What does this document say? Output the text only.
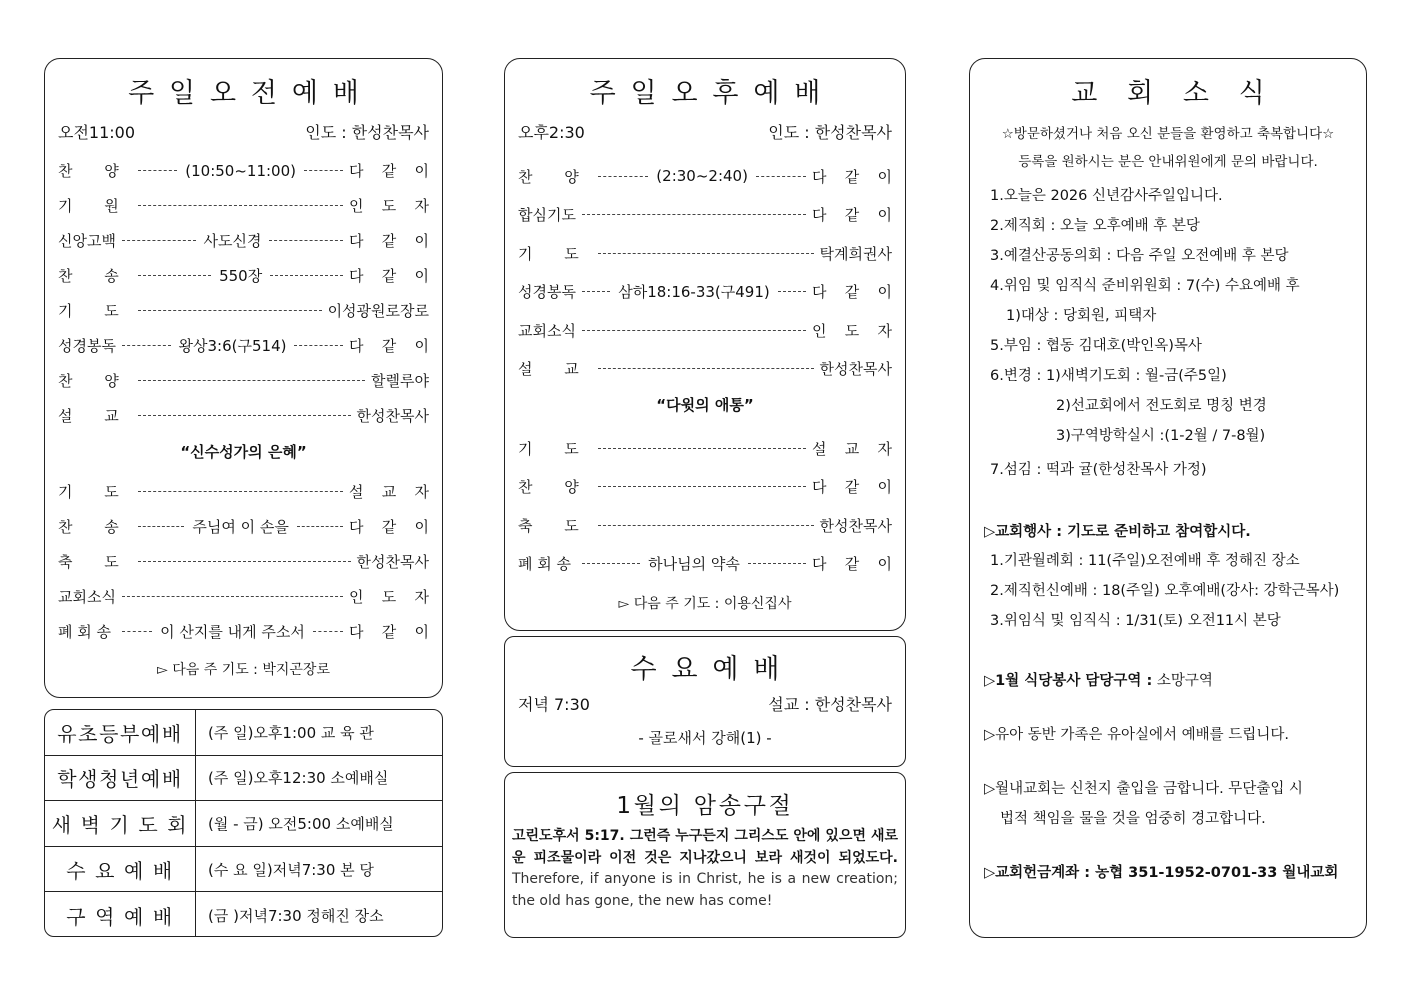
주일오전예배
오전11:00	인도 : 한성찬목사
찬 양	(10:50~11:00)	다 같 이
기 원	인 도 자
신앙고백	사도신경	다 같 이
찬 송	550장	다 같 이
기 도	이성광원로장로
성경봉독	왕상3:6(구514)	다 같 이
찬 양	할렐루야
설 교	한성찬목사
“신수성가의 은혜”
기 도	설 교 자
찬 송	주님여 이 손을	다 같 이
축 도	한성찬목사
교회소식	인 도 자
폐 회 송	이 산지를 내게 주소서	다 같 이
▻ 다음 주 기도 : 박지곤장로
유초등부예배	(주 일)오후1:00 교 육 관
학생청년예배	(주 일)오후12:30 소예배실
새 벽 기 도 회	(월 - 금) 오전5:00 소예배실
수 요 예 배	(수 요 일)저녁7:30 본 당
구 역 예 배	(금 )저녁7:30 정해진 장소
주일오후예배
오후2:30	인도 : 한성찬목사
찬 양	(2:30~2:40)	다 같 이
합심기도	다 같 이
기 도	탁계희권사
성경봉독	삼하18:16-33(구491)	다 같 이
교회소식	인 도 자
설 교	한성찬목사
“다윗의 애통”
기 도	설 교 자
찬 양	다 같 이
축 도	한성찬목사
폐 회 송	하나님의 약속	다 같 이
▻ 다음 주 기도 : 이용신집사
수요예배
저녁 7:30	설교 : 한성찬목사
- 골로새서 강해(1) -
1월의 암송구절
고린도후서 5:17. 그런즉 누구든지 그리스도 안에 있으면 새로운 피조물이라 이전 것은 지나갔으니 보라 새것이 되었도다. Therefore, if anyone is in Christ, he is a new creation; the old has gone, the new has come!
교회소식

☆방문하셨거나 처음 오신 분들을 환영하고 축복합니다☆

등록을 원하시는 분은 안내위원에게 문의 바랍니다.

1.오늘은 2026 신년감사주일입니다.

2.제직회 : 오늘 오후예배 후 본당

3.예결산공동의회 : 다음 주일 오전예배 후 본당

4.위임 및 임직식 준비위원회 : 7(수) 수요예배 후

1)대상 : 당회원, 피택자

5.부임 : 협동 김대호(박인옥)목사

6.변경 : 1)새벽기도회 : 월-금(주5일)

2)선교회에서 전도회로 명칭 변경

3)구역방학실시 :(1-2월 / 7-8월)

7.섬김 : 떡과 귤(한성찬목사 가정)

▷교회행사 : 기도로 준비하고 참여합시다.

1.기관월례회 : 11(주일)오전예배 후 정해진 장소

2.제직헌신예배 : 18(주일) 오후예배(강사: 강학근목사)

3.위임식 및 임직식 : 1/31(토) 오전11시 본당

▷1월 식당봉사 담당구역 : 소망구역

▷유아 동반 가족은 유아실에서 예배를 드립니다.

▷월내교회는 신천지 출입을 금합니다. 무단출입 시

법적 책임을 물을 것을 엄중히 경고합니다.

▷교회헌금계좌 : 농협 351-1952-0701-33 월내교회
